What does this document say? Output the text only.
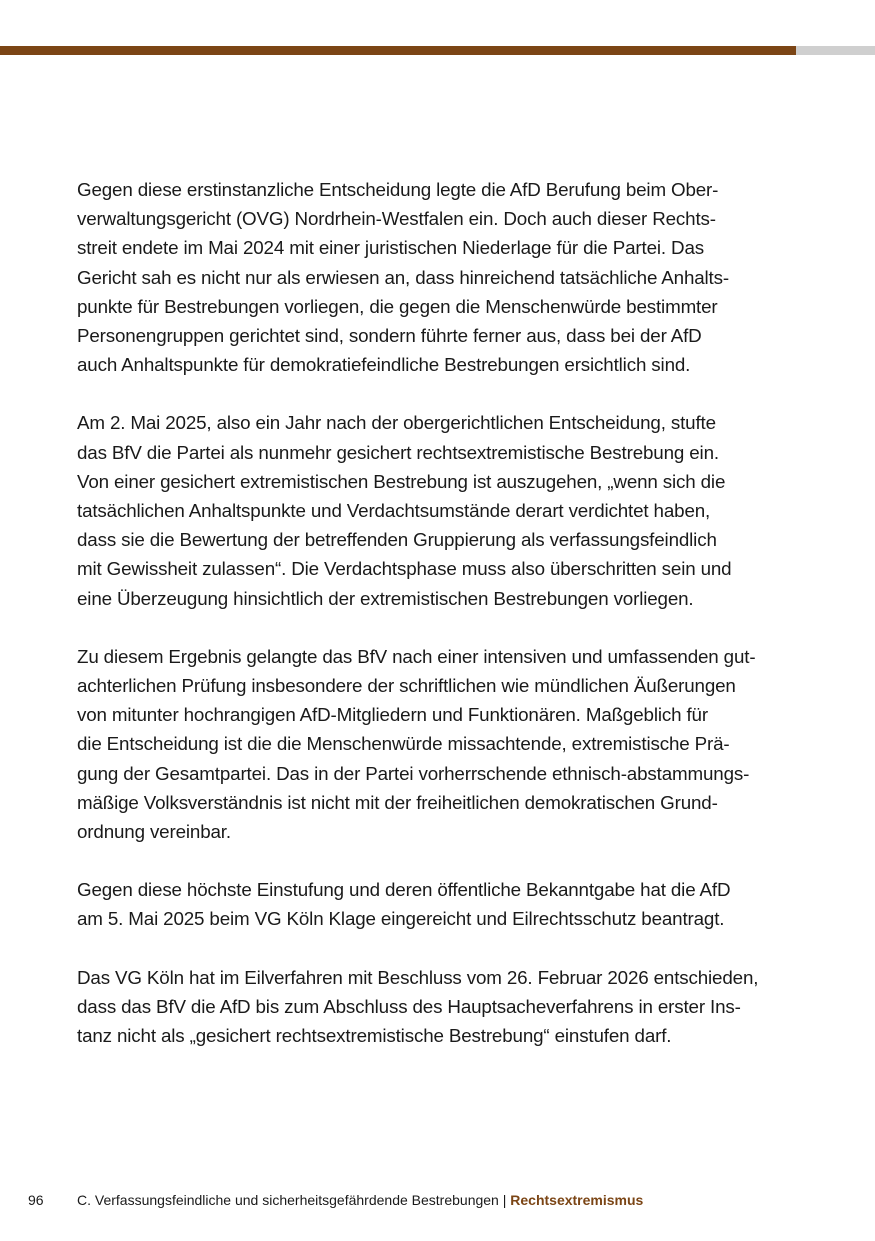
Gegen diese erstinstanzliche Entscheidung legte die AfD Berufung beim Ober-
verwaltungsgericht (OVG) Nordrhein-Westfalen ein. Doch auch dieser Rechts-
streit endete im Mai 2024 mit einer juristischen Niederlage für die Partei. Das
Gericht sah es nicht nur als erwiesen an, dass hinreichend tatsächliche Anhalts-
punkte für Bestrebungen vorliegen, die gegen die Menschenwürde bestimmter
Personengruppen gerichtet sind, sondern führte ferner aus, dass bei der AfD
auch Anhaltspunkte für demokratiefeindliche Bestrebungen ersichtlich sind.

Am 2. Mai 2025, also ein Jahr nach der obergerichtlichen Entscheidung, stufte
das BfV die Partei als nunmehr gesichert rechtsextremistische Bestrebung ein.
Von einer gesichert extremistischen Bestrebung ist auszugehen, „wenn sich die
tatsächlichen Anhaltspunkte und Verdachtsumstände derart verdichtet haben,
dass sie die Bewertung der betreffenden Gruppierung als verfassungsfeindlich
mit Gewissheit zulassen“. Die Verdachtsphase muss also überschritten sein und
eine Überzeugung hinsichtlich der extremistischen Bestrebungen vorliegen.

Zu diesem Ergebnis gelangte das BfV nach einer intensiven und umfassenden gut-
achterlichen Prüfung insbesondere der schriftlichen wie mündlichen Äußerungen
von mitunter hochrangigen AfD-Mitgliedern und Funktionären. Maßgeblich für
die Entscheidung ist die die Menschenwürde missachtende, extremistische Prä-
gung der Gesamtpartei. Das in der Partei vorherrschende ethnisch-abstammungs-
mäßige Volksverständnis ist nicht mit der freiheitlichen demokratischen Grund-
ordnung vereinbar.

Gegen diese höchste Einstufung und deren öffentliche Bekanntgabe hat die AfD
am 5. Mai 2025 beim VG Köln Klage eingereicht und Eilrechtsschutz beantragt.

Das VG Köln hat im Eilverfahren mit Beschluss vom 26. Februar 2026 entschieden,
dass das BfV die AfD bis zum Abschluss des Hauptsacheverfahrens in erster Ins-
tanz nicht als „gesichert rechtsextremistische Bestrebung“ einstufen darf.

96 C. Verfassungsfeindliche und sicherheitsgefährdende Bestrebungen | Rechtsextremismus
